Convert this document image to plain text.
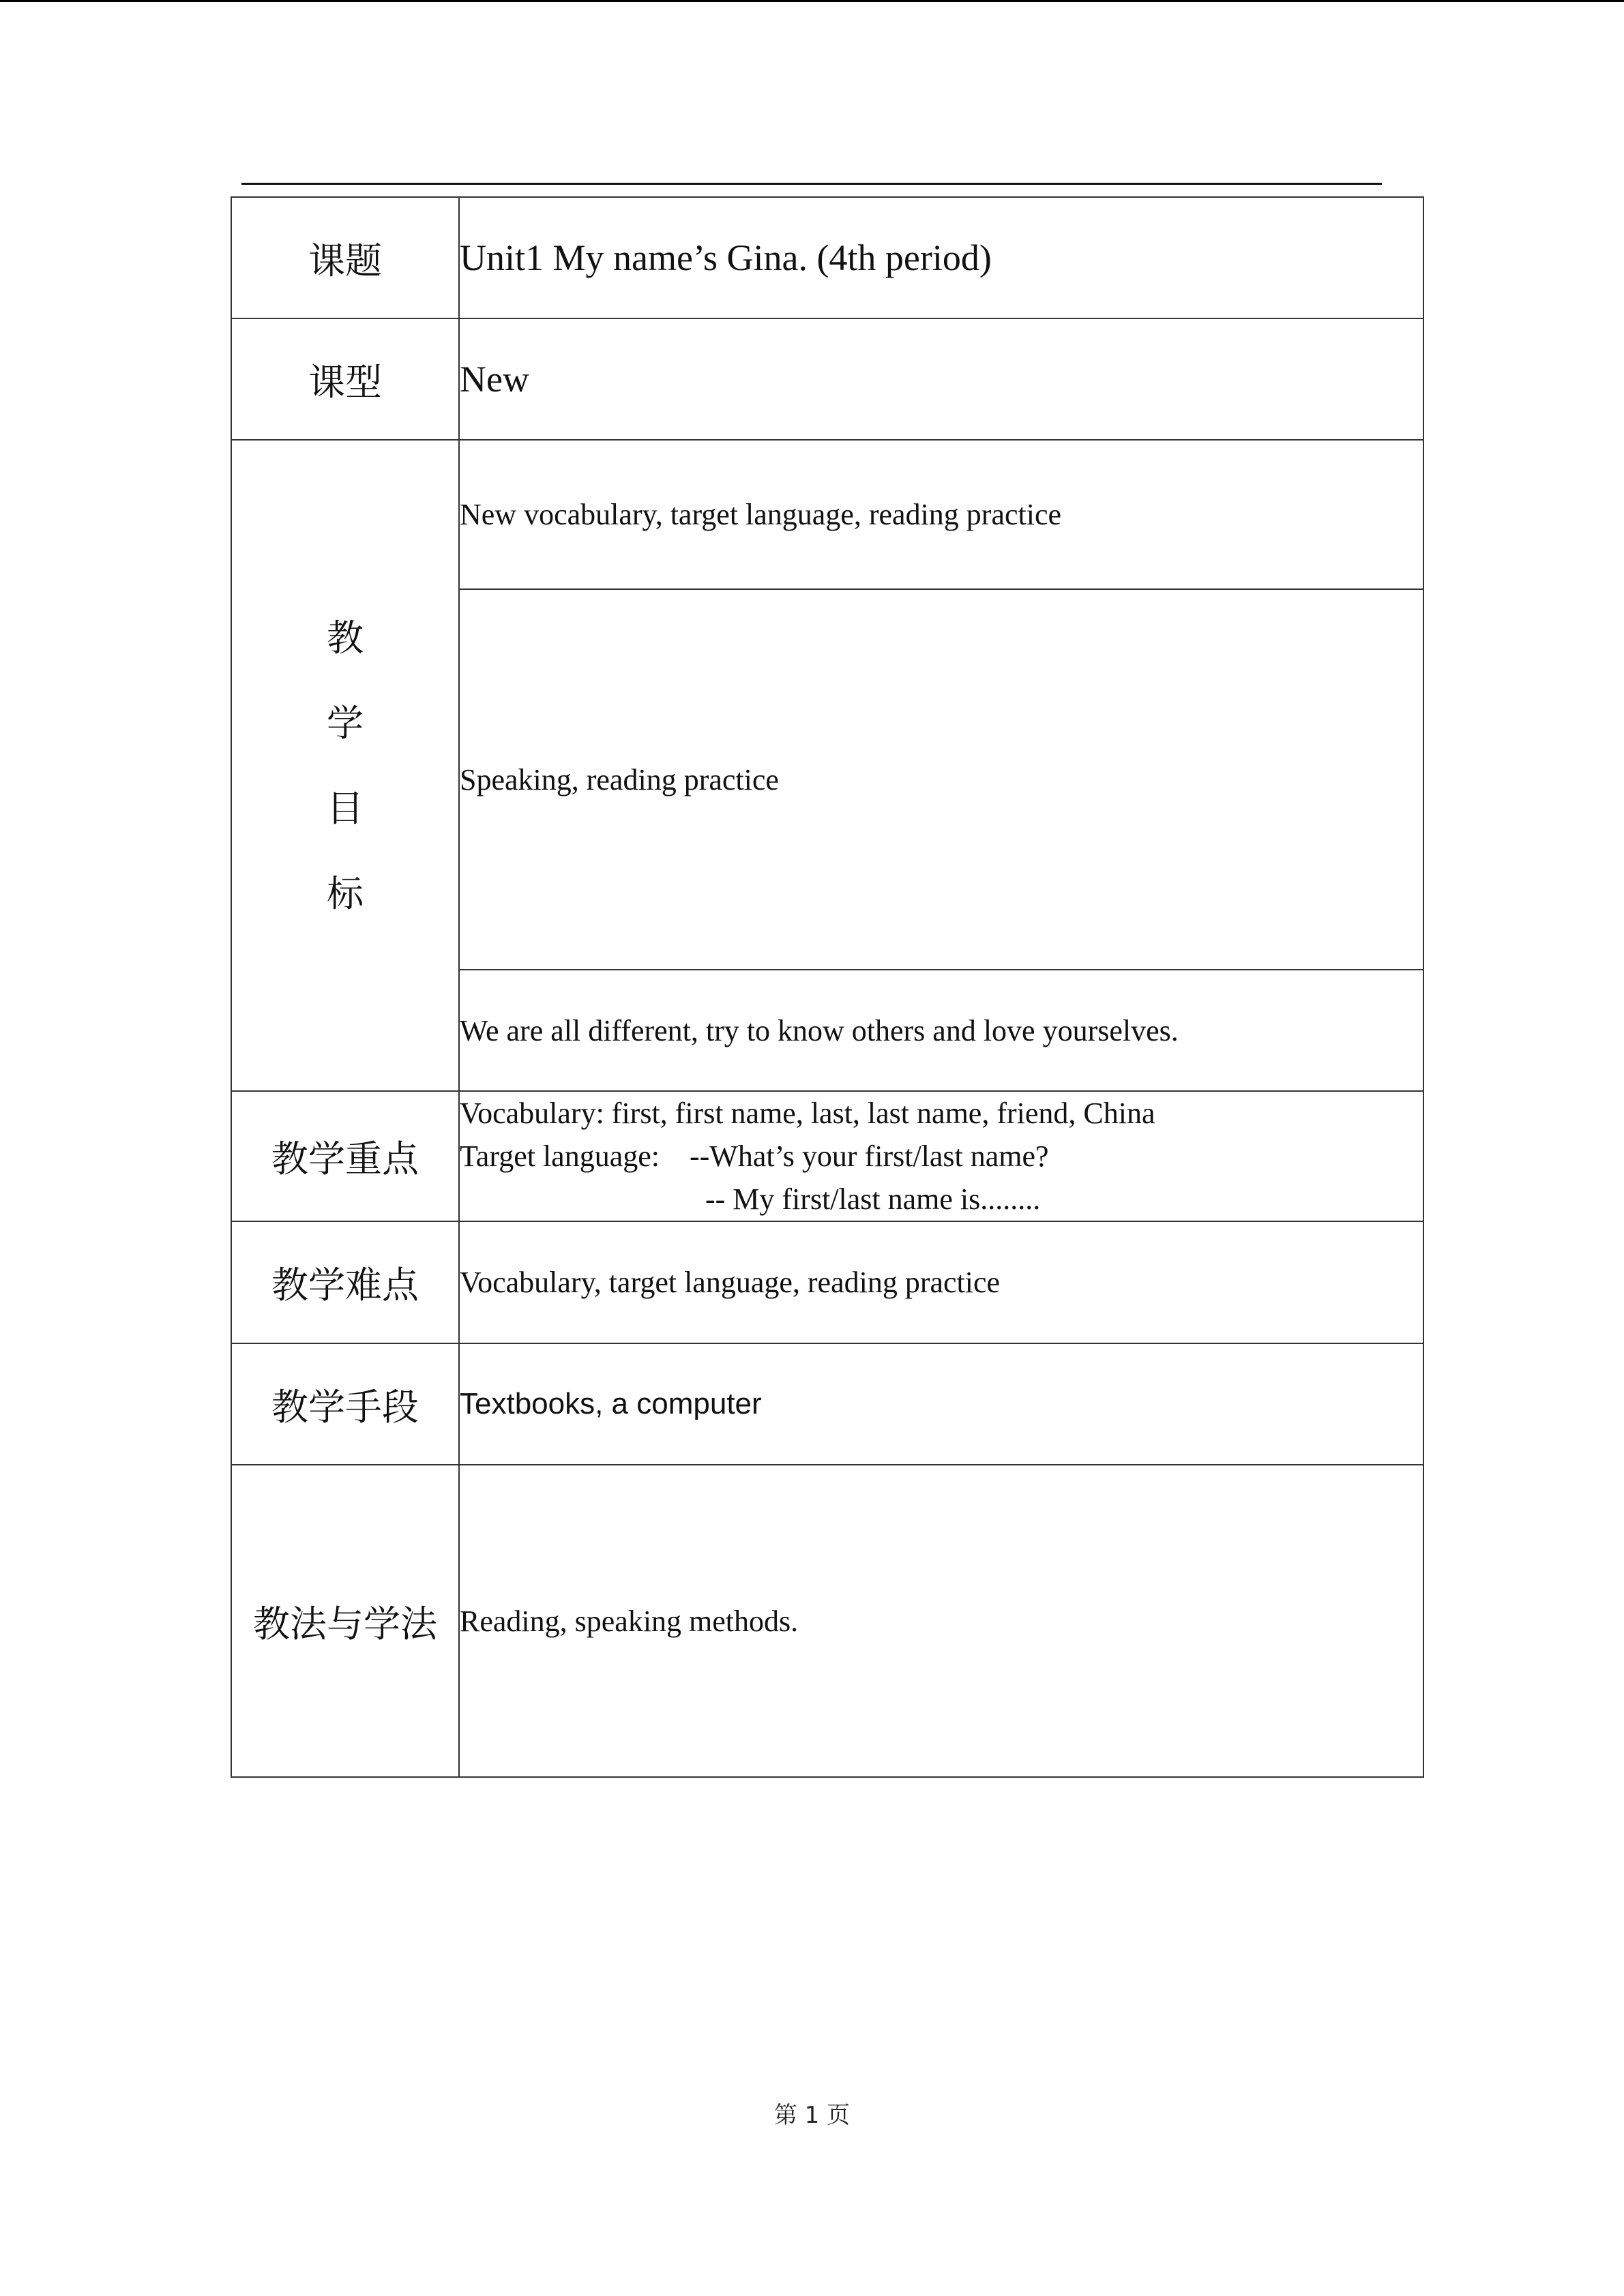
课题	Unit1 My name’s Gina. (4th period)
课型	New

教
学
目
标	New vocabulary, target language, reading practice
	Speaking, reading practice
	We are all different, try to know others and love yourselves.
教学重点	Vocabulary: first, first name, last, last name, friend, China
Target language:    --What’s your first/last name?
-- My first/last name is........

教学难点	Vocabulary, target language, reading practice
教学手段	Textbooks, a computer
教法与学法	Reading, speaking methods.
第 1 页
